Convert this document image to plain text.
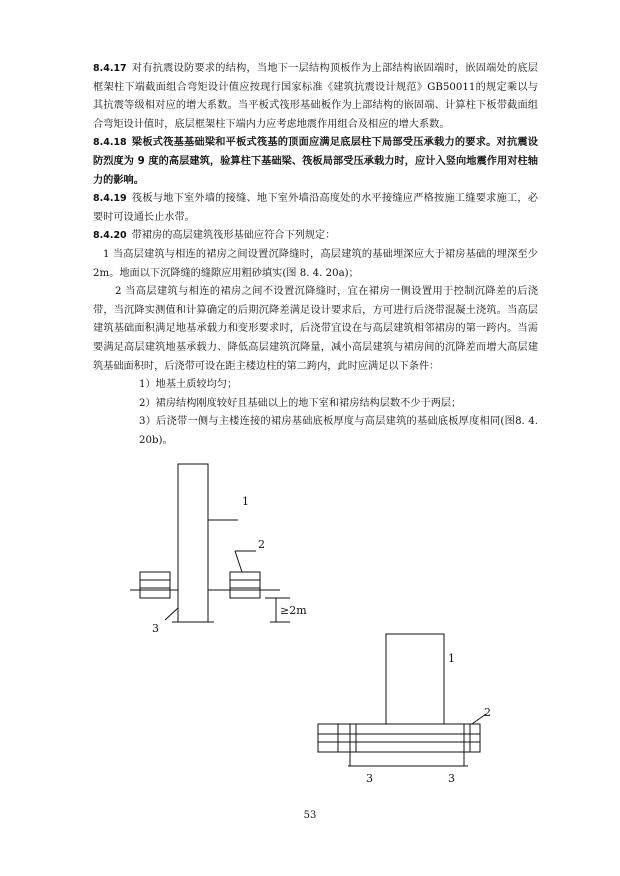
8.4.17 对有抗震设防要求的结构，当地下一层结构顶板作为上部结构嵌固端时，嵌固端处的底层框架柱下端截面组合弯矩设计值应按现行国家标准《建筑抗震设计规范》GB50011的规定乘以与其抗震等级相对应的增大系数。当平板式筏形基础板作为上部结构的嵌固端、计算柱下板带截面组合弯矩设计值时，底层框架柱下端内力应考虑地震作用组合及相应的增大系数。

8.4.18 梁板式筏基基础梁和平板式筏基的顶面应满足底层柱下局部受压承载力的要求。对抗震设防烈度为 9 度的高层建筑，验算柱下基础梁、筏板局部受压承载力时，应计入竖向地震作用对柱轴力的影响。

8.4.19 筏板与地下室外墙的接缝、地下室外墙沿高度处的水平接缝应严格按施工缝要求施工，必要时可设通长止水带。

8.4.20 带裙房的高层建筑筏形基础应符合下列规定：

1 当高层建筑与相连的裙房之间设置沉降缝时，高层建筑的基础埋深应大于裙房基础的埋深至少 2m。地面以下沉降缝的缝隙应用粗砂填实(图 8. 4. 20a)；

2 当高层建筑与相连的裙房之间不设置沉降缝时，宜在裙房一侧设置用于控制沉降差的后浇带，当沉降实测值和计算确定的后期沉降差满足设计要求后，方可进行后浇带混凝土浇筑。当高层建筑基础面积满足地基承载力和变形要求时，后浇带宜设在与高层建筑相邻裙房的第一跨内。当需要满足高层建筑地基承载力、降低高层建筑沉降量，减小高层建筑与裙房间的沉降差而增大高层建筑基础面积时，后浇带可设在距主楼边柱的第二跨内，此时应满足以下条件：

1）地基土质较均匀；

2）裙房结构刚度较好且基础以上的地下室和裙房结构层数不少于两层；

3）后浇带一侧与主楼连接的裙房基础底板厚度与高层建筑的基础底板厚度相同(图8. 4. 20b)。

1
2
3
≥2m
1
2
3	3
53
